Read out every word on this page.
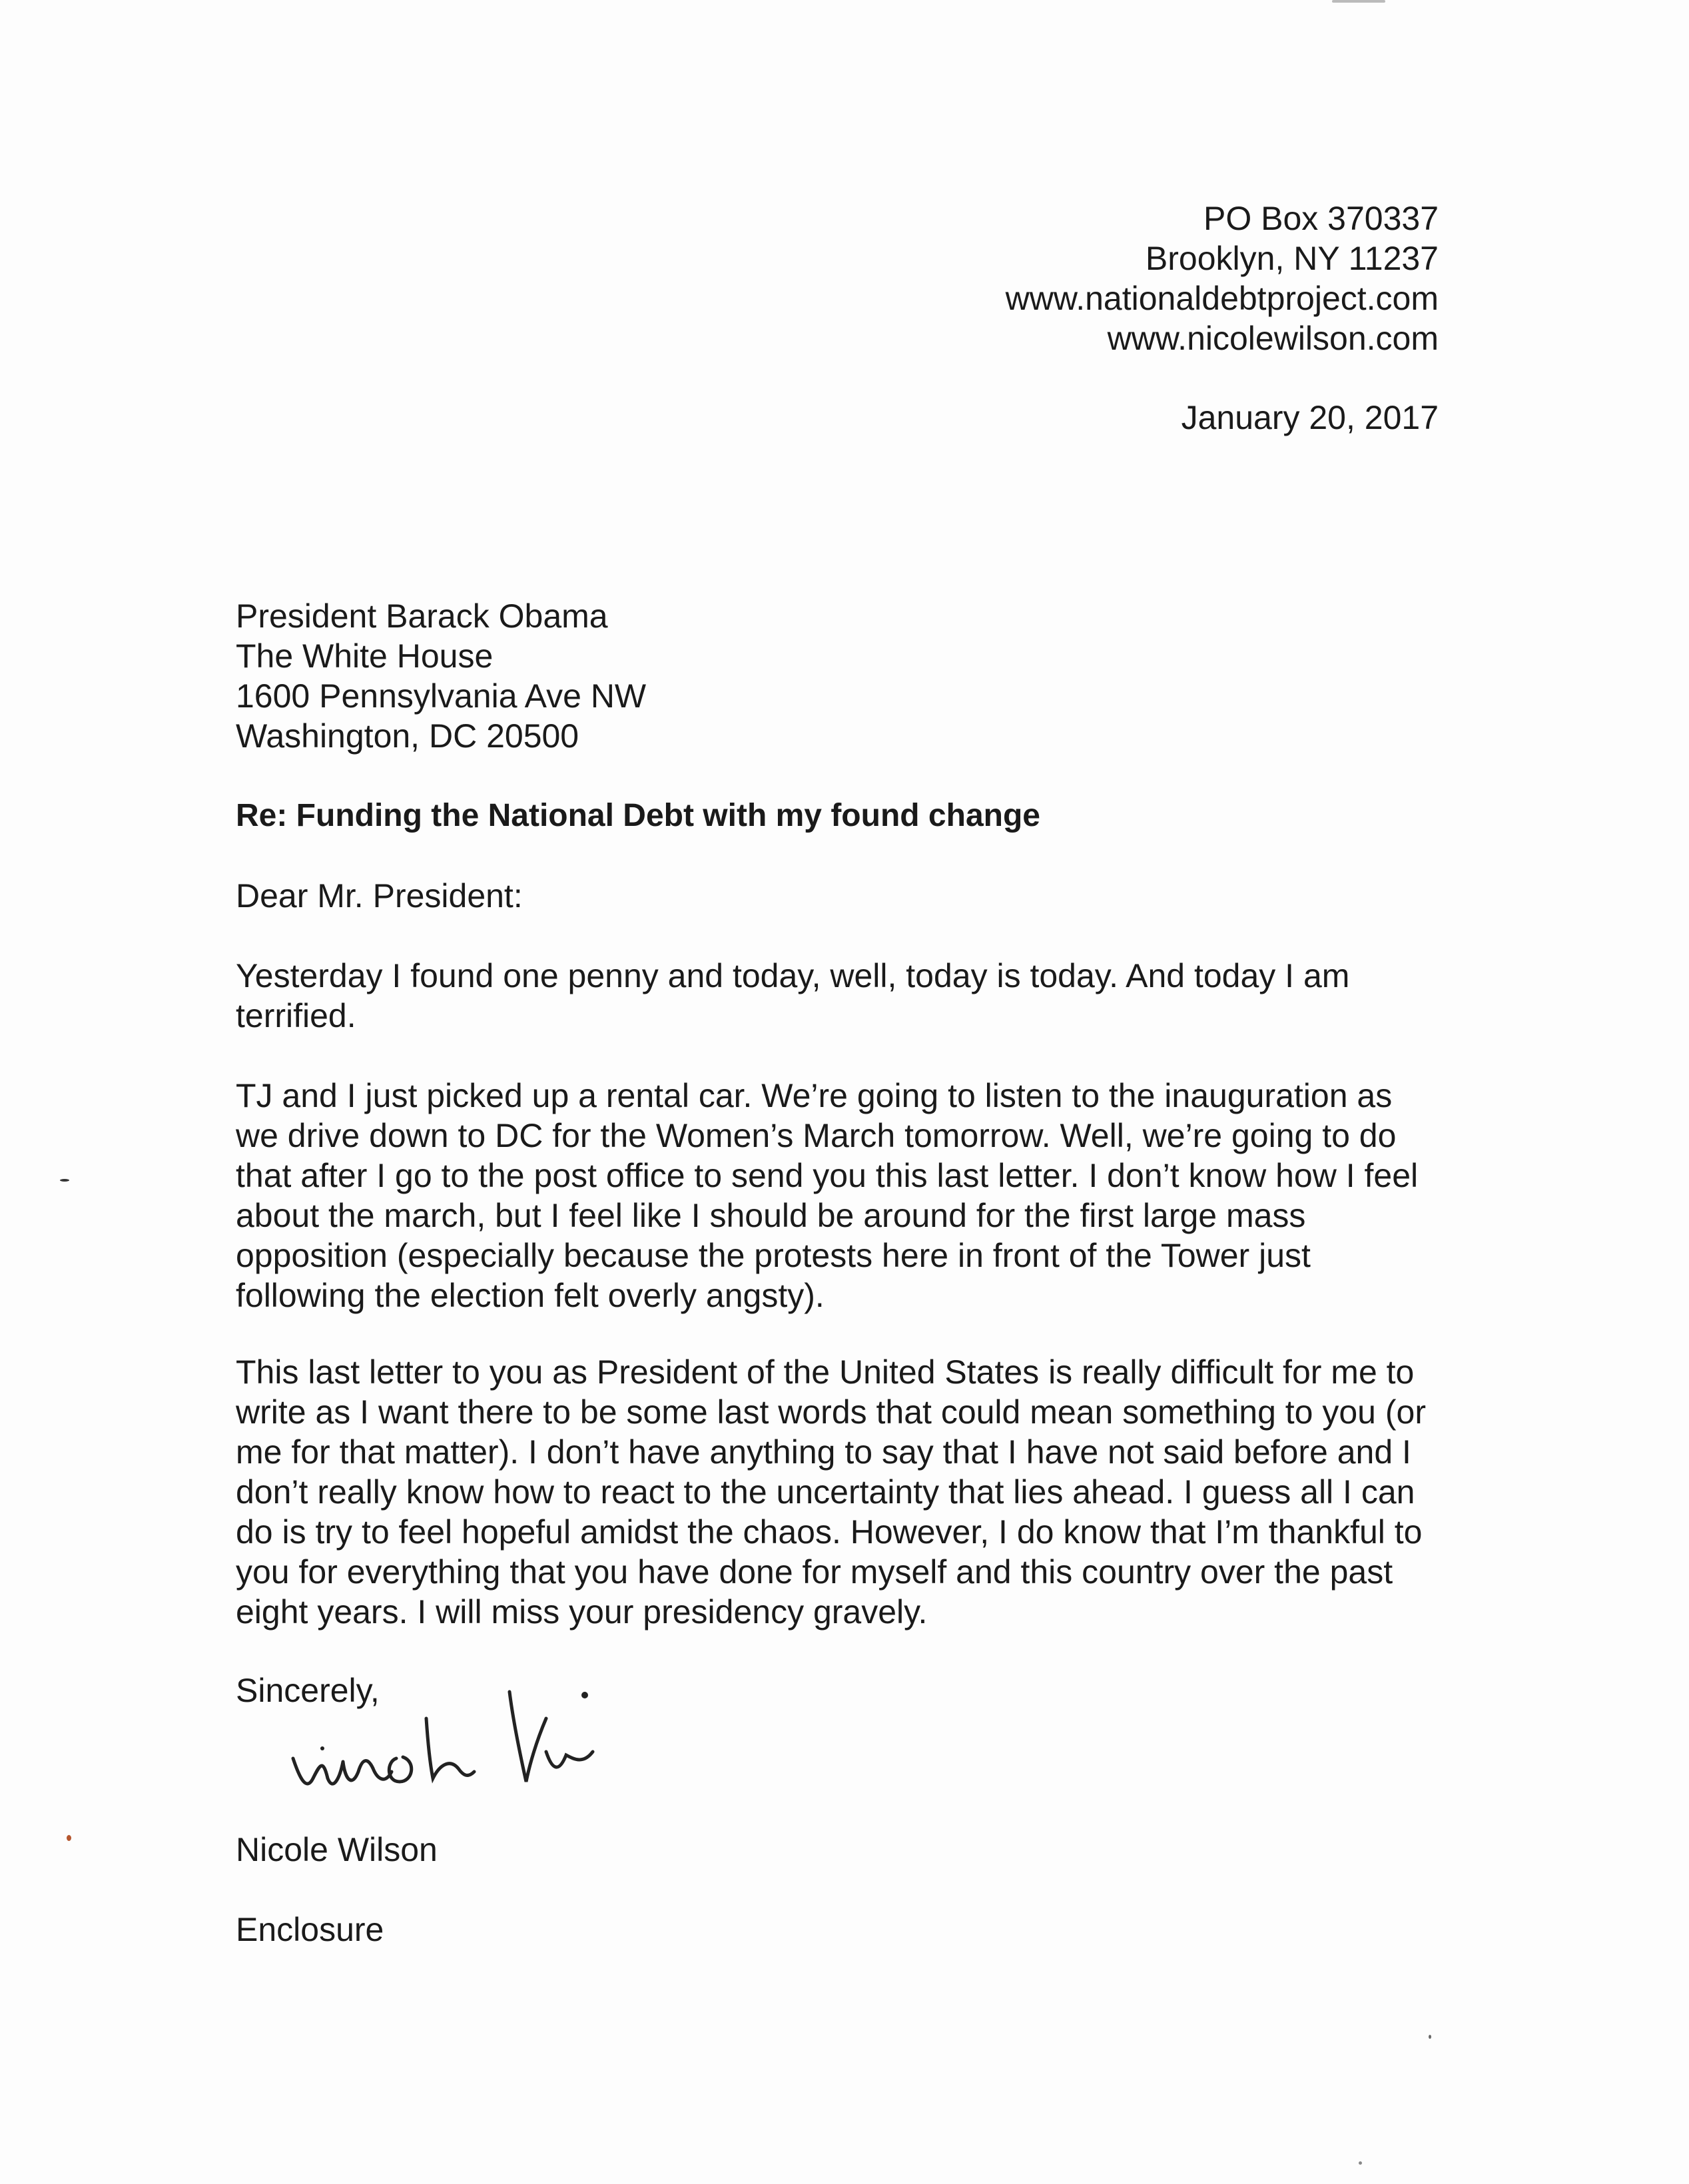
PO Box 370337
Brooklyn, NY 11237
www.nationaldebtproject.com
www.nicolewilson.com
January 20, 2017
President Barack Obama
The White House
1600 Pennsylvania Ave NW
Washington, DC 20500
Re: Funding the National Debt with my found change
Dear Mr. President:
Yesterday I found one penny and today, well, today is today. And today I am
terrified.
TJ and I just picked up a rental car. We’re going to listen to the inauguration as
we drive down to DC for the Women’s March tomorrow. Well, we’re going to do
that after I go to the post office to send you this last letter. I don’t know how I feel
about the march, but I feel like I should be around for the first large mass
opposition (especially because the protests here in front of the Tower just
following the election felt overly angsty).
This last letter to you as President of the United States is really difficult for me to
write as I want there to be some last words that could mean something to you (or
me for that matter). I don’t have anything to say that I have not said before and I
don’t really know how to react to the uncertainty that lies ahead. I guess all I can
do is try to feel hopeful amidst the chaos. However, I do know that I’m thankful to
you for everything that you have done for myself and this country over the past
eight years. I will miss your presidency gravely.
Sincerely,
Nicole Wilson
Enclosure
